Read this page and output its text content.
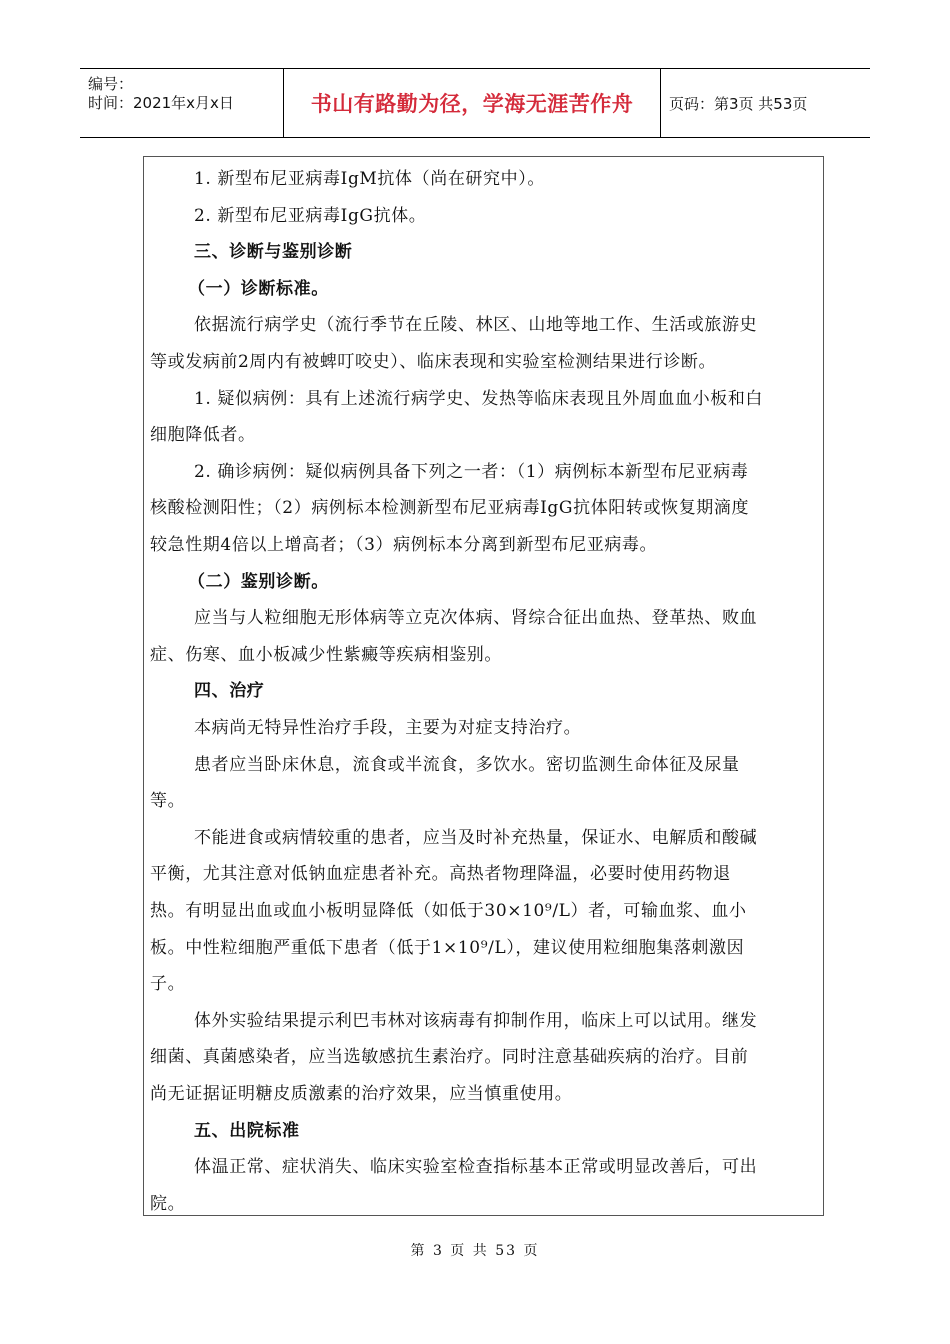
编号：
时间：2021年x月x日	书山有路勤为径，学海无涯苦作舟	页码：第3页 共53页
1. 新型布尼亚病毒IgM抗体（尚在研究中）。
2. 新型布尼亚病毒IgG抗体。
三、诊断与鉴别诊断
（一）诊断标准。
依据流行病学史（流行季节在丘陵、林区、山地等地工作、生活或旅游史
等或发病前2周内有被蜱叮咬史）、临床表现和实验室检测结果进行诊断。
1. 疑似病例：具有上述流行病学史、发热等临床表现且外周血血小板和白
细胞降低者。
2. 确诊病例：疑似病例具备下列之一者：（1）病例标本新型布尼亚病毒
核酸检测阳性；（2）病例标本检测新型布尼亚病毒IgG抗体阳转或恢复期滴度
较急性期4倍以上增高者；（3）病例标本分离到新型布尼亚病毒。
（二）鉴别诊断。
应当与人粒细胞无形体病等立克次体病、肾综合征出血热、登革热、败血
症、伤寒、血小板减少性紫癜等疾病相鉴别。
四、治疗
本病尚无特异性治疗手段，主要为对症支持治疗。
患者应当卧床休息，流食或半流食，多饮水。密切监测生命体征及尿量
等。
不能进食或病情较重的患者，应当及时补充热量，保证水、电解质和酸碱
平衡，尤其注意对低钠血症患者补充。高热者物理降温，必要时使用药物退
热。有明显出血或血小板明显降低（如低于30×10⁹/L）者，可输血浆、血小
板。中性粒细胞严重低下患者（低于1×10⁹/L），建议使用粒细胞集落刺激因
子。
体外实验结果提示利巴韦林对该病毒有抑制作用，临床上可以试用。继发
细菌、真菌感染者，应当选敏感抗生素治疗。同时注意基础疾病的治疗。目前
尚无证据证明糖皮质激素的治疗效果，应当慎重使用。
五、出院标准
体温正常、症状消失、临床实验室检查指标基本正常或明显改善后，可出
院。
第 3 页 共 53 页
